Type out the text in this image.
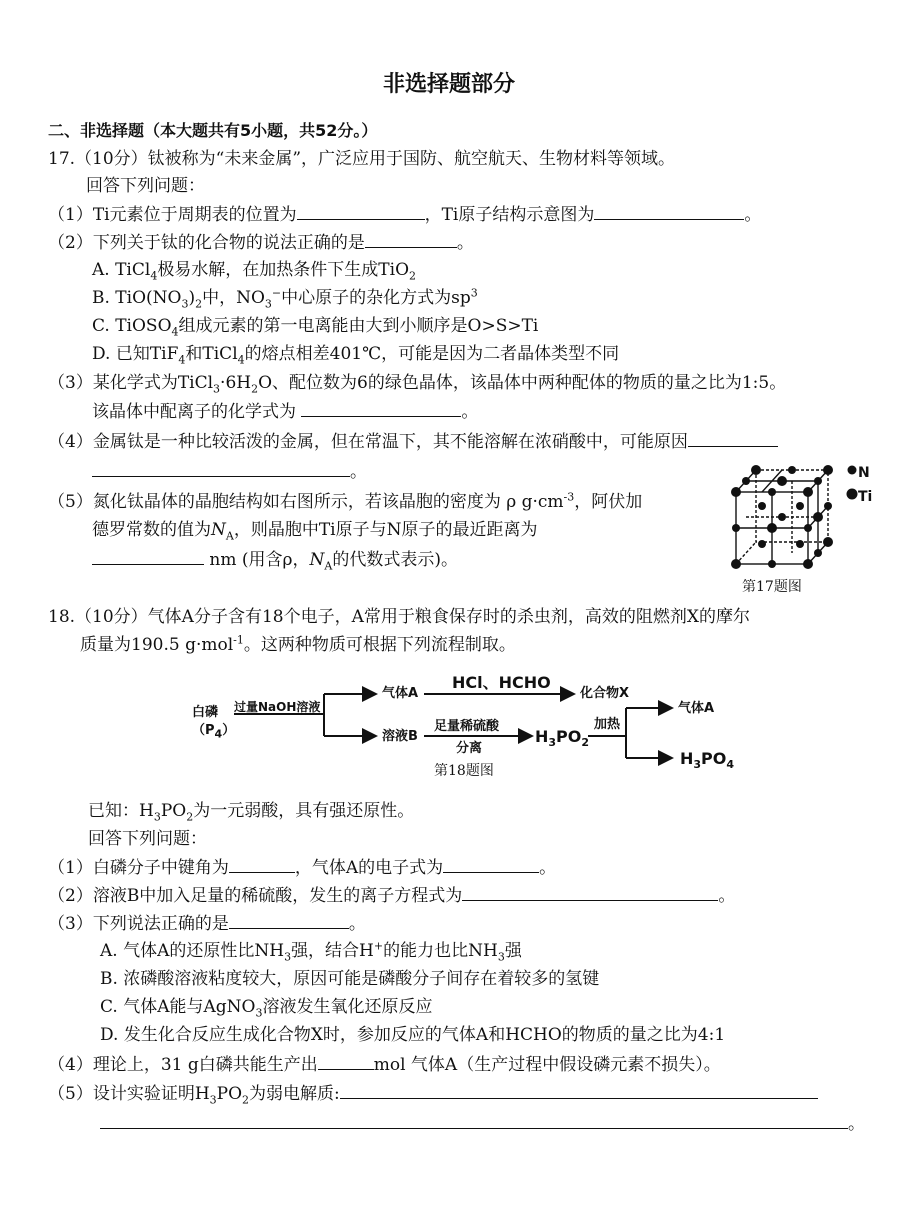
非选择题部分
二、非选择题（本大题共有5小题，共52分。）
17.（10分）钛被称为“未来金属”，广泛应用于国防、航空航天、生物材料等领域。
回答下列问题：
（1）Ti元素位于周期表的位置为	，Ti原子结构示意图为	。
（2）下列关于钛的化合物的说法正确的是	。
A. TiCl$_4$极易水解，在加热条件下生成TiO$_2$
B. $TiO(NO_3)_2$中，$NO_3^-$中心原子的杂化方式为$sp^3$
C. TiOSO$_4$组成元素的第一电离能由大到小顺序是O>S>Ti
D. 已知TiF$_4$和TiCl$_4$的熔点相差401℃，可能是因为二者晶体类型不同
（3）某化学式为$TiCl_3\cdot 6H_2O$、配位数为6的绿色晶体，该晶体中两种配体的物质的量之比为1:5。
该晶体中配离子的化学式为	。
（4）金属钛是一种比较活泼的金属，但在常温下，其不能溶解在浓硝酸中，可能原因
。
（5）氮化钛晶体的晶胞结构如右图所示，若该晶胞的密度为 ρ $g\cdot cm^{-3}$，阿伏加
德罗常数的值为$N_A$，则晶胞中Ti原子与N原子的最近距离为
nm (用含ρ，$N_A$的代数式表示)。
N
Ti
第17题图
18.（10分）气体A分子含有18个电子，A常用于粮食保存时的杀虫剂，高效的阻燃剂X的摩尔
质量为190.5 g·mol$^{-1}$。这两种物质可根据下列流程制取。
白磷
$(P_4)$
过量NaOH溶液
气体A
HCl、HCHO
化合物X
溶液B
足量稀硫酸
分离
$H_3PO_2$
加热
气体A
$H_3PO_4$
第18题图
已知：$H_3PO_2$为一元弱酸，具有强还原性。
回答下列问题：
（1）白磷分子中键角为	，气体A的电子式为	。
（2）溶液B中加入足量的稀硫酸，发生的离子方程式为	。
（3）下列说法正确的是	。
A. 气体A的还原性比$NH_3$强，结合H+的能力也比$NH_3$强
B. 浓磷酸溶液粘度较大，原因可能是磷酸分子间存在着较多的氢键
C. 气体A能与AgNO$_3$溶液发生氧化还原反应
D. 发生化合反应生成化合物X时，参加反应的气体A和HCHO的物质的量之比为4:1
（4）理论上，31 g白磷共能生产出	mol 气体A（生产过程中假设磷元素不损失）。
（5）设计实验证明$H_3PO_2$为弱电解质:
。
